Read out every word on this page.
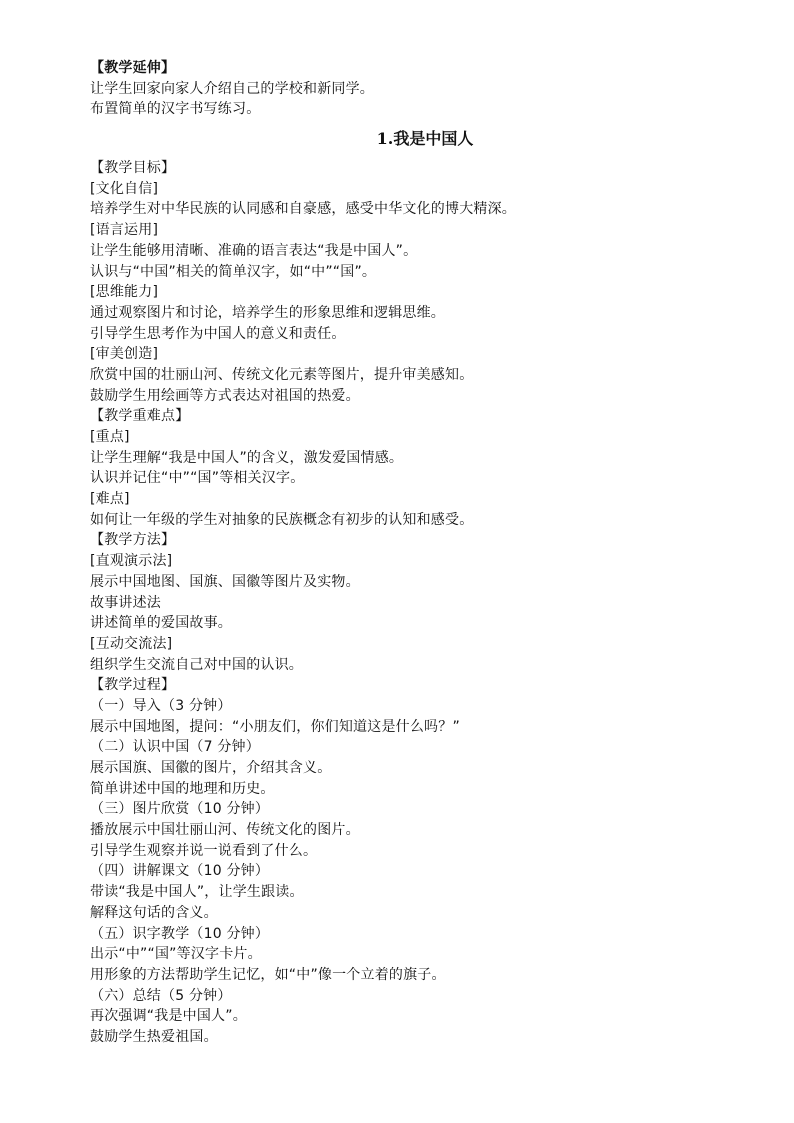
【教学延伸】
让学生回家向家人介绍自己的学校和新同学。
布置简单的汉字书写练习。
1.我是中国人
【教学目标】
[文化自信]
培养学生对中华民族的认同感和自豪感，感受中华文化的博大精深。
[语言运用]
让学生能够用清晰、准确的语言表达“我是中国人”。
认识与“中国”相关的简单汉字，如“中”“国”。
[思维能力]
通过观察图片和讨论，培养学生的形象思维和逻辑思维。
引导学生思考作为中国人的意义和责任。
[审美创造]
欣赏中国的壮丽山河、传统文化元素等图片，提升审美感知。
鼓励学生用绘画等方式表达对祖国的热爱。
【教学重难点】
[重点]
让学生理解“我是中国人”的含义，激发爱国情感。
认识并记住“中”“国”等相关汉字。
[难点]
如何让一年级的学生对抽象的民族概念有初步的认知和感受。
【教学方法】
[直观演示法]
展示中国地图、国旗、国徽等图片及实物。
故事讲述法
讲述简单的爱国故事。
[互动交流法]
组织学生交流自己对中国的认识。
【教学过程】
（一）导入（3 分钟）
展示中国地图，提问：“小朋友们，你们知道这是什么吗？”
（二）认识中国（7 分钟）
展示国旗、国徽的图片，介绍其含义。
简单讲述中国的地理和历史。
（三）图片欣赏（10 分钟）
播放展示中国壮丽山河、传统文化的图片。
引导学生观察并说一说看到了什么。
（四）讲解课文（10 分钟）
带读“我是中国人”，让学生跟读。
解释这句话的含义。
（五）识字教学（10 分钟）
出示“中”“国”等汉字卡片。
用形象的方法帮助学生记忆，如“中”像一个立着的旗子。
（六）总结（5 分钟）
再次强调“我是中国人”。
鼓励学生热爱祖国。
